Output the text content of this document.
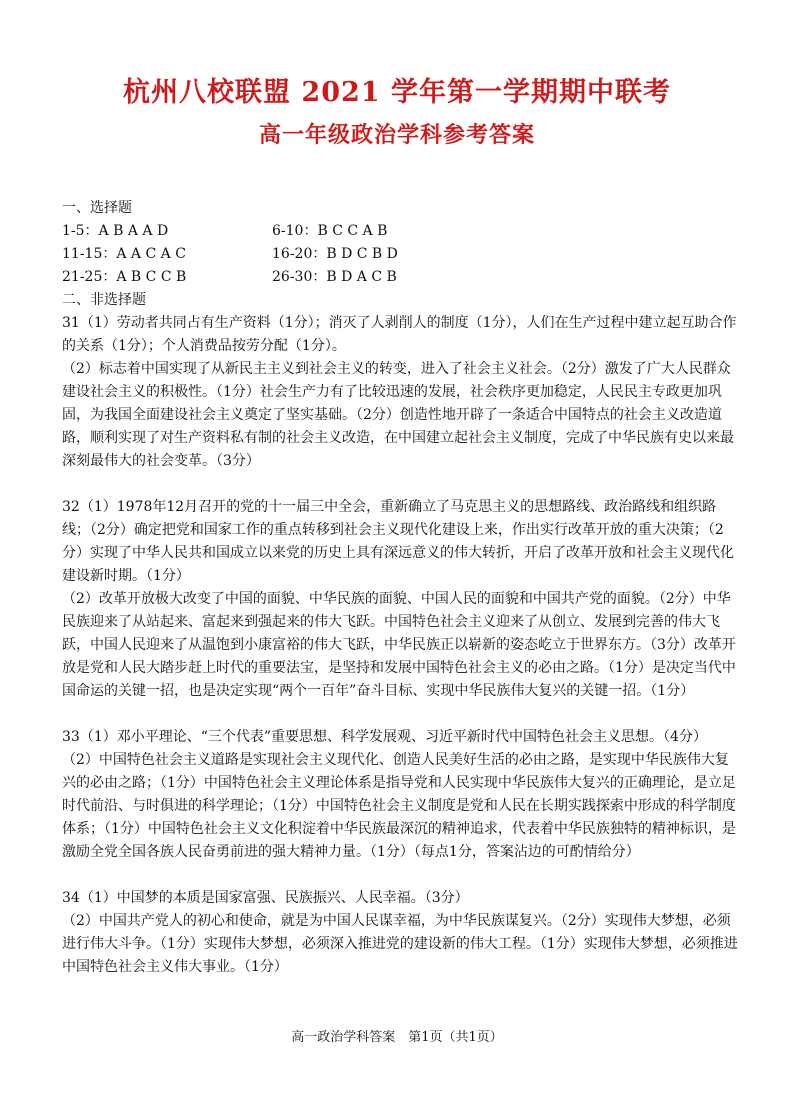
杭州八校联盟 2021 学年第一学期期中联考
高一年级政治学科参考答案
一、选择题
1-5：A B A A D	6-10：B C C A B
11-15：A A C A C	16-20：B D C B D
21-25：A B C C B	26-30：B D A C B
二、非选择题

31（1）劳动者共同占有生产资料（1分）；消灭了人剥削人的制度（1分），人们在生产过程中建立起互助合作的关系（1分）；个人消费品按劳分配（1分）。

（2）标志着中国实现了从新民主主义到社会主义的转变，进入了社会主义社会。（2分）激发了广大人民群众建设社会主义的积极性。（1分）社会生产力有了比较迅速的发展，社会秩序更加稳定，人民民主专政更加巩固，为我国全面建设社会主义奠定了坚实基础。（2分）创造性地开辟了一条适合中国特点的社会主义改造道路，顺利实现了对生产资料私有制的社会主义改造，在中国建立起社会主义制度，完成了中华民族有史以来最深刻最伟大的社会变革。（3分）

32（1）1978年12月召开的党的十一届三中全会，重新确立了马克思主义的思想路线、政治路线和组织路线；（2分）确定把党和国家工作的重点转移到社会主义现代化建设上来，作出实行改革开放的重大决策；（2分）实现了中华人民共和国成立以来党的历史上具有深远意义的伟大转折，开启了改革开放和社会主义现代化建设新时期。（1分）

（2）改革开放极大改变了中国的面貌、中华民族的面貌、中国人民的面貌和中国共产党的面貌。（2分）中华民族迎来了从站起来、富起来到强起来的伟大飞跃。中国特色社会主义迎来了从创立、发展到完善的伟大飞跃，中国人民迎来了从温饱到小康富裕的伟大飞跃，中华民族正以崭新的姿态屹立于世界东方。（3分）改革开放是党和人民大踏步赶上时代的重要法宝，是坚持和发展中国特色社会主义的必由之路。（1分）是决定当代中国命运的关键一招，也是决定实现“两个一百年”奋斗目标、实现中华民族伟大复兴的关键一招。（1分）

33（1）邓小平理论、“三个代表”重要思想、科学发展观、习近平新时代中国特色社会主义思想。（4分）

（2）中国特色社会主义道路是实现社会主义现代化、创造人民美好生活的必由之路，是实现中华民族伟大复兴的必由之路；（1分）中国特色社会主义理论体系是指导党和人民实现中华民族伟大复兴的正确理论，是立足时代前沿、与时俱进的科学理论；（1分）中国特色社会主义制度是党和人民在长期实践探索中形成的科学制度体系；（1分）中国特色社会主义文化积淀着中华民族最深沉的精神追求，代表着中华民族独特的精神标识，是激励全党全国各族人民奋勇前进的强大精神力量。（1分）（每点1分，答案沾边的可酌情给分）

34（1）中国梦的本质是国家富强、民族振兴、人民幸福。（3分）

（2）中国共产党人的初心和使命，就是为中国人民谋幸福，为中华民族谋复兴。（2分）实现伟大梦想，必须进行伟大斗争。（1分）实现伟大梦想，必须深入推进党的建设新的伟大工程。（1分）实现伟大梦想，必须推进中国特色社会主义伟大事业。（1分）

高一政治学科答案　第1页（共1页）
